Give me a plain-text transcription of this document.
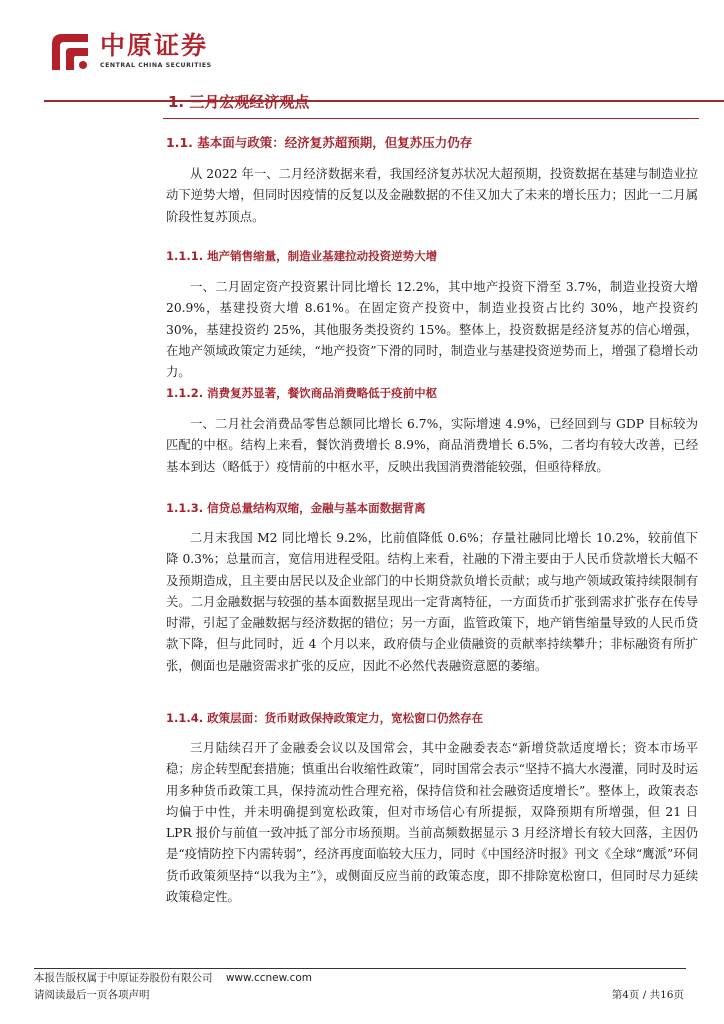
中原证券
CENTRAL CHINA SECURITIES
1. 三月宏观经济观点
1.1. 基本面与政策：经济复苏超预期，但复苏压力仍存

从 2022 年一、二月经济数据来看，我国经济复苏状况大超预期，投资数据在基建与制造业拉动下逆势大增，但同时因疫情的反复以及金融数据的不佳又加大了未来的增长压力；因此一二月属阶段性复苏顶点。

1.1.1. 地产销售缩量，制造业基建拉动投资逆势大增

一、二月固定资产投资累计同比增长 12.2%，其中地产投资下滑至 3.7%，制造业投资大增 20.9%，基建投资大增 8.61%。在固定资产投资中，制造业投资占比约 30%，地产投资约 30%，基建投资约 25%，其他服务类投资约 15%。整体上，投资数据是经济复苏的信心增强，在地产领域政策定力延续，“地产投资”下滑的同时，制造业与基建投资逆势而上，增强了稳增长动力。

1.1.2. 消费复苏显著，餐饮商品消费略低于疫前中枢

一、二月社会消费品零售总额同比增长 6.7%，实际增速 4.9%，已经回到与 GDP 目标较为匹配的中枢。结构上来看，餐饮消费增长 8.9%，商品消费增长 6.5%，二者均有较大改善，已经基本到达（略低于）疫情前的中枢水平，反映出我国消费潜能较强，但亟待释放。

1.1.3. 信贷总量结构双缩，金融与基本面数据背离

二月末我国 M2 同比增长 9.2%，比前值降低 0.6%；存量社融同比增长 10.2%，较前值下降 0.3%；总量而言，宽信用进程受阻。结构上来看，社融的下滑主要由于人民币贷款增长大幅不及预期造成，且主要由居民以及企业部门的中长期贷款负增长贡献；或与地产领域政策持续限制有关。二月金融数据与较强的基本面数据呈现出一定背离特征，一方面货币扩张到需求扩张存在传导时滞，引起了金融数据与经济数据的错位；另一方面，监管政策下，地产销售缩量导致的人民币贷款下降，但与此同时，近 4 个月以来，政府债与企业债融资的贡献率持续攀升；非标融资有所扩张，侧面也是融资需求扩张的反应，因此不必然代表融资意愿的萎缩。

1.1.4. 政策层面：货币财政保持政策定力，宽松窗口仍然存在

三月陆续召开了金融委会议以及国常会，其中金融委表态“新增贷款适度增长；资本市场平稳；房企转型配套措施；慎重出台收缩性政策”，同时国常会表示“坚持不搞大水漫灌，同时及时运用多种货币政策工具，保持流动性合理充裕，保持信贷和社会融资适度增长”。整体上，政策表态均偏于中性，并未明确提到宽松政策，但对市场信心有所提振，双降预期有所增强，但 21 日 LPR 报价与前值一致冲抵了部分市场预期。当前高频数据显示 3 月经济增长有较大回落，主因仍是“疫情防控下内需转弱”，经济再度面临较大压力，同时《中国经济时报》刊文《全球“鹰派”环伺 货币政策须坚持“以我为主”》，或侧面反应当前的政策态度，即不排除宽松窗口，但同时尽力延续政策稳定性。

本报告版权属于中原证券股份有限公司 www.ccnew.com
请阅读最后一页各项声明	第4页 / 共16页
